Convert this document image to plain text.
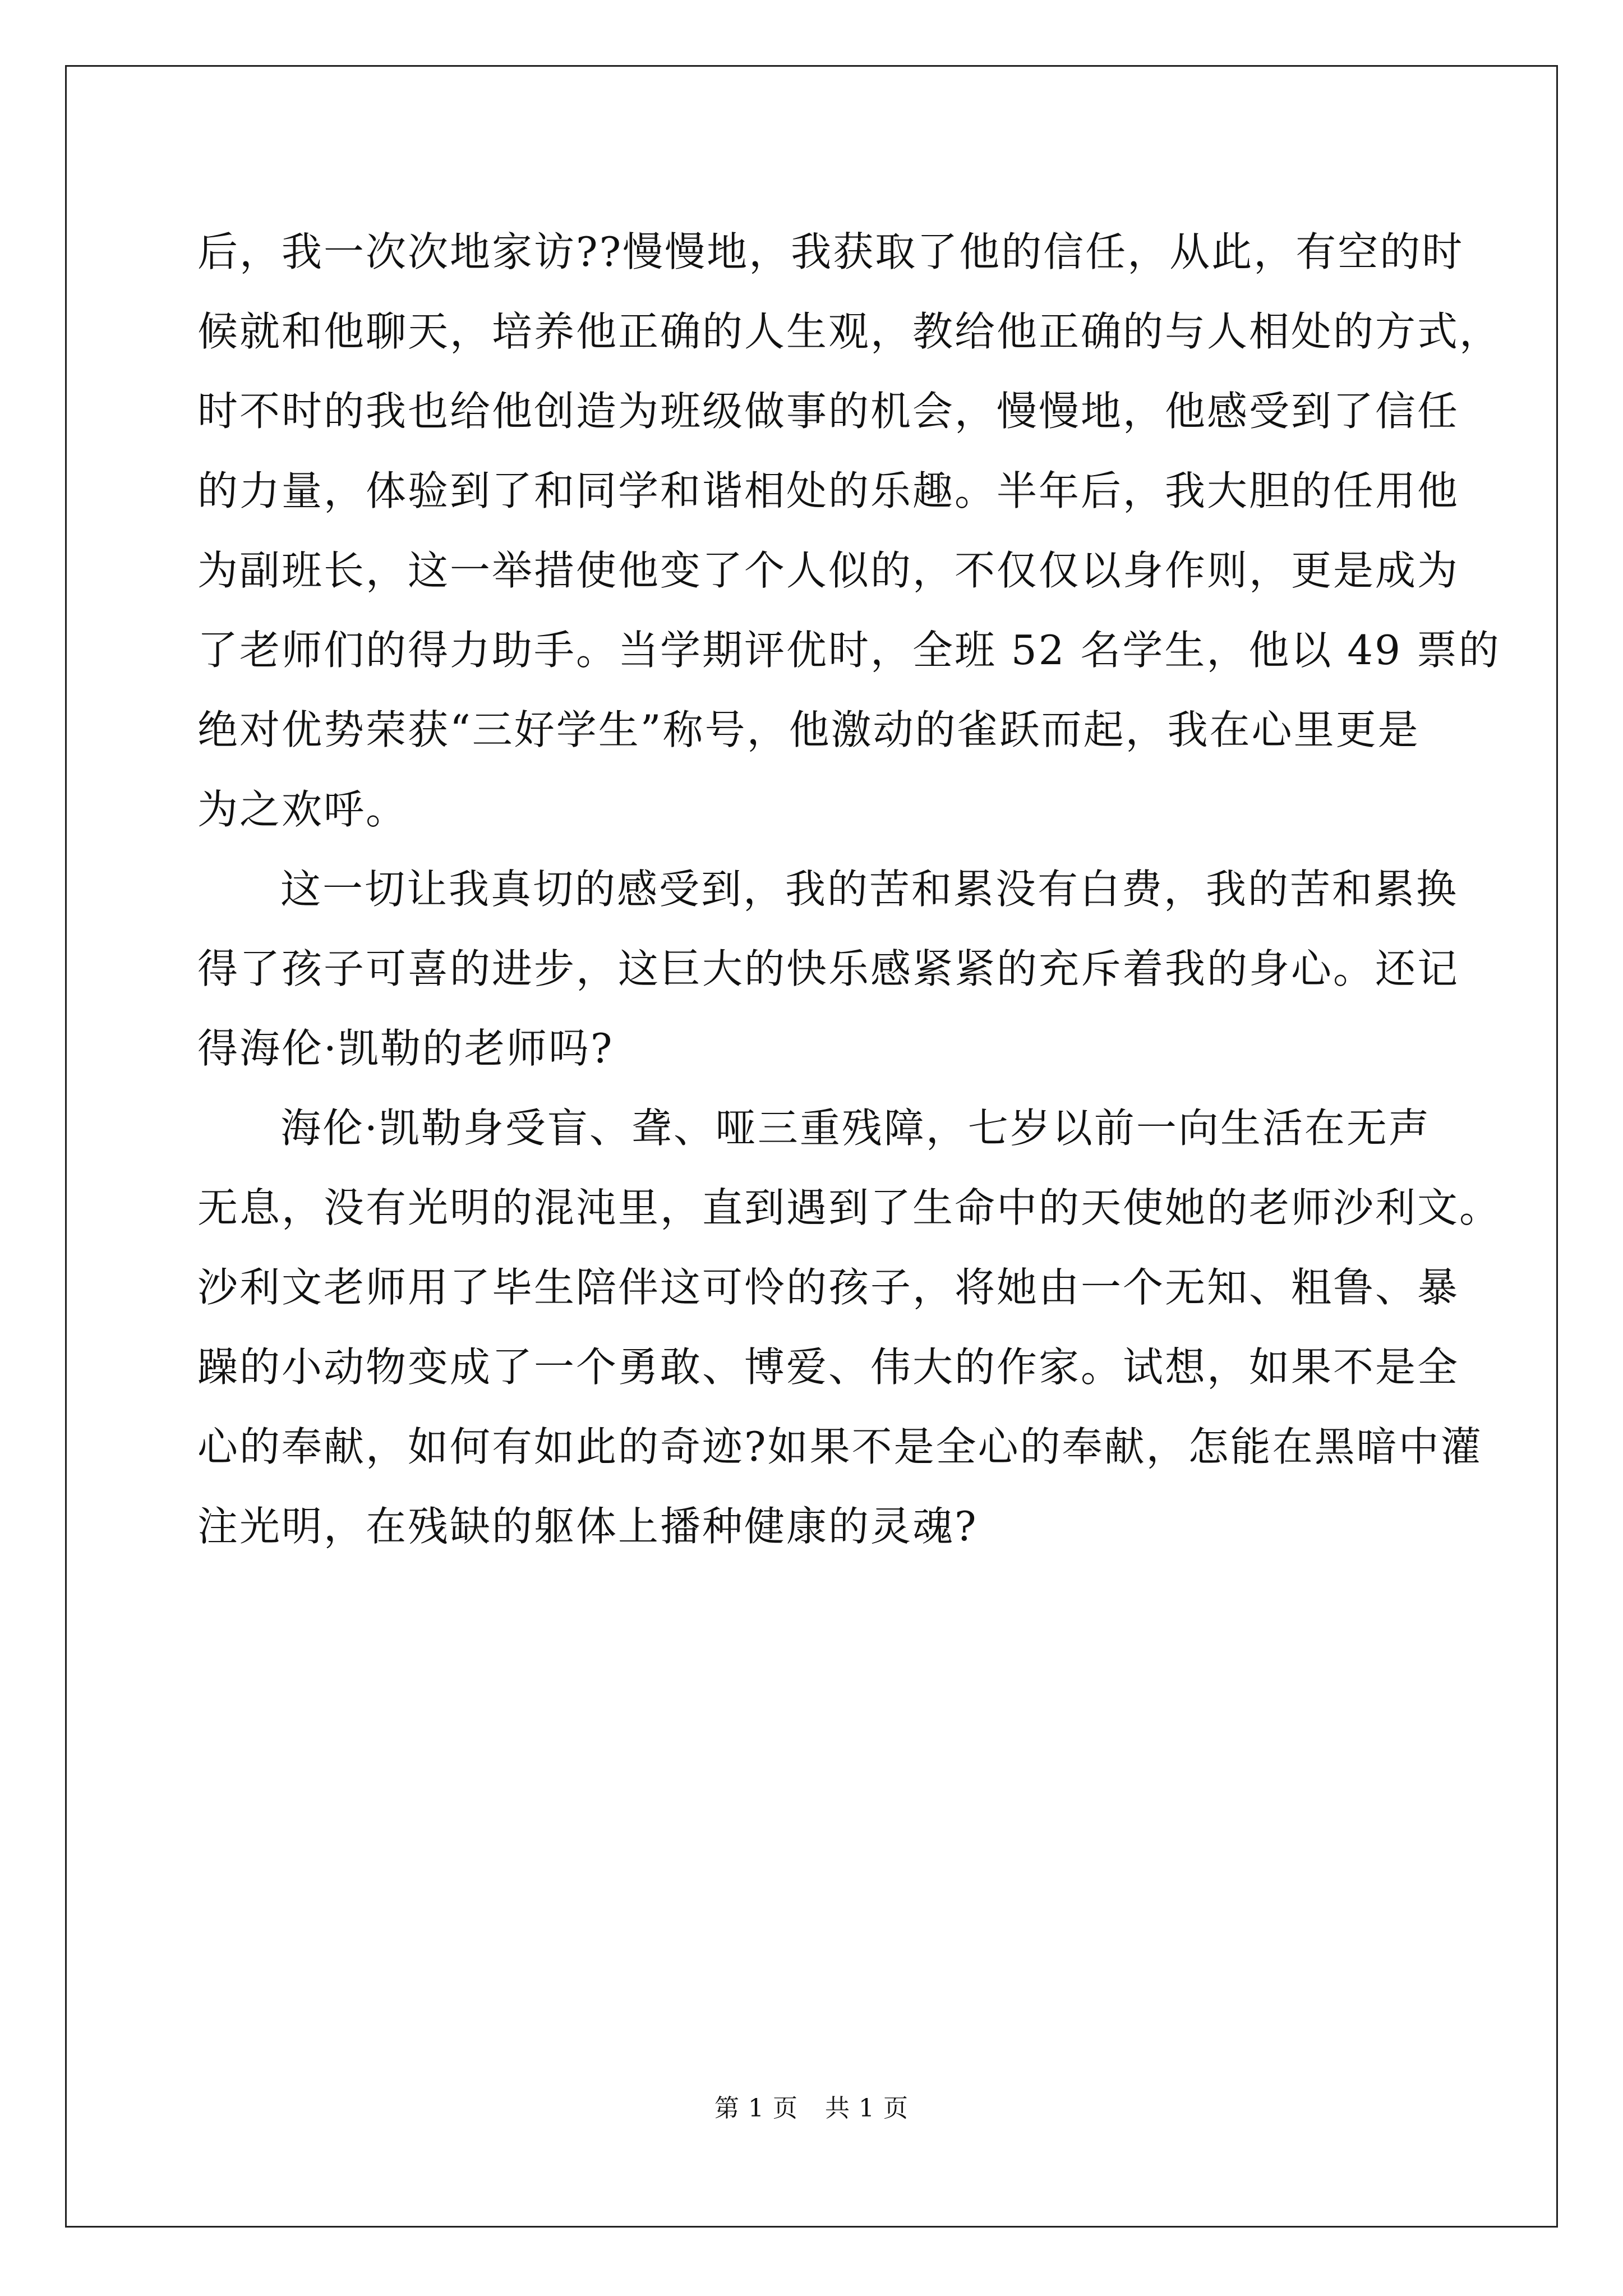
后，我一次次地家访??慢慢地，我获取了他的信任，从此，有空的时
候就和他聊天，培养他正确的人生观，教给他正确的与人相处的方式，
时不时的我也给他创造为班级做事的机会，慢慢地，他感受到了信任
的力量，体验到了和同学和谐相处的乐趣。半年后，我大胆的任用他
为副班长，这一举措使他变了个人似的，不仅仅以身作则，更是成为
了老师们的得力助手。当学期评优时，全班 52 名学生，他以 49 票的
绝对优势荣获“三好学生”称号，他激动的雀跃而起，我在心里更是
为之欢呼。

这一切让我真切的感受到，我的苦和累没有白费，我的苦和累换
得了孩子可喜的进步，这巨大的快乐感紧紧的充斥着我的身心。还记
得海伦·凯勒的老师吗?

海伦·凯勒身受盲、聋、哑三重残障，七岁以前一向生活在无声
无息，没有光明的混沌里，直到遇到了生命中的天使她的老师沙利文。
沙利文老师用了毕生陪伴这可怜的孩子，将她由一个无知、粗鲁、暴
躁的小动物变成了一个勇敢、博爱、伟大的作家。试想，如果不是全
心的奉献，如何有如此的奇迹?如果不是全心的奉献，怎能在黑暗中灌
注光明，在残缺的躯体上播种健康的灵魂?

第 1 页 共 1 页
